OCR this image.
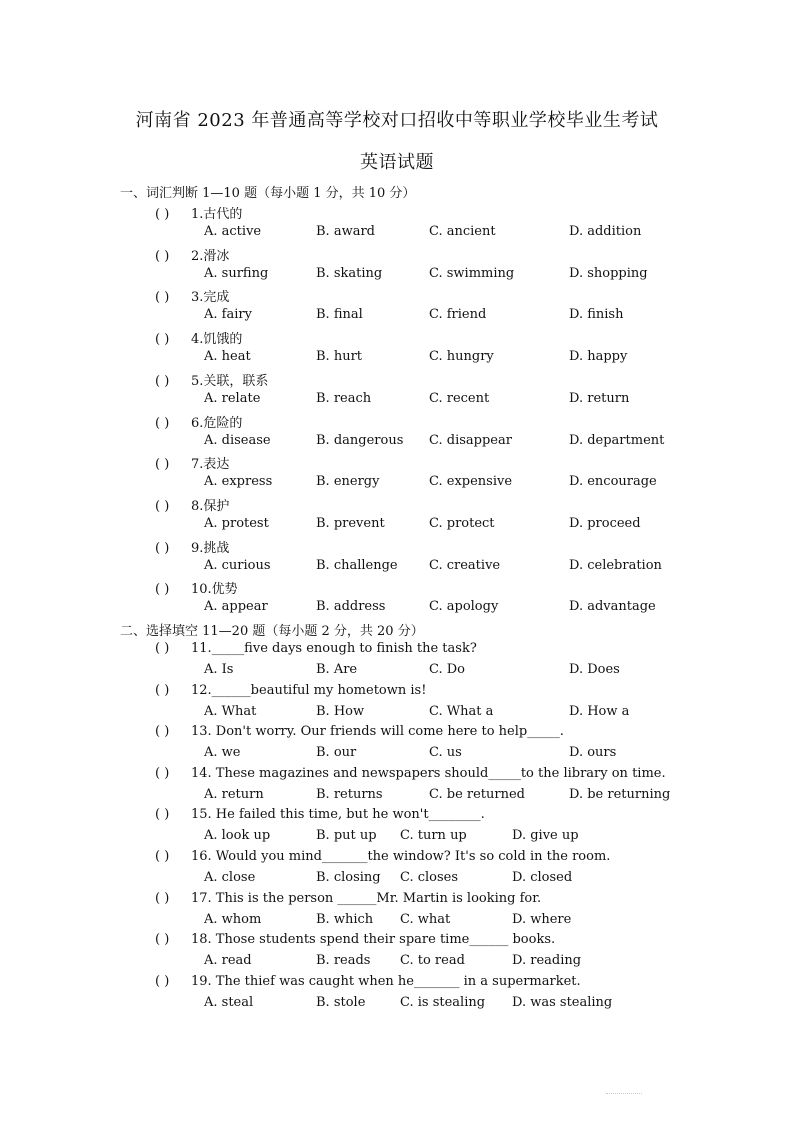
河南省 2023 年普通高等学校对口招收中等职业学校毕业生考试
英语试题
一、词汇判断 1—10 题（每小题 1 分，共 10 分）
二、选择填空 11—20 题（每小题 2 分，共 20 分）
( ) 1.古代的
A. active	B. award	C. ancient	D. addition
( ) 2.滑冰
A. surfing	B. skating	C. swimming	D. shopping
( ) 3.完成
A. fairy	B. final	C. friend	D. finish
( ) 4.饥饿的
A. heat	B. hurt	C. hungry	D. happy
( ) 5.关联，联系
A. relate	B. reach	C. recent	D. return
( ) 6.危险的
A. disease	B. dangerous C. disappear	D. department
( ) 7.表达
A. express	B. energy	C. expensive	D. encourage
( ) 8.保护
A. protest	B. prevent	C. protect	D. proceed
( ) 9.挑战
A. curious	B. challenge C. creative	D. celebration
( ) 10.优势
A. appear	B. address	C. apology	D. advantage
( ) 11._____five days enough to finish the task?
A. Is	B. Are	C. Do	D. Does
( ) 12.______beautiful my hometown is!
A. What	B. How	C. What a	D. How a
( ) 13. Don't worry. Our friends will come here to help_____.
A. we	B. our	C. us	D. ours
( ) 14. These magazines and newspapers should_____to the library on time.
A. return	B. returns	C. be returned	D. be returning
( ) 15. He failed this time, but he won't________.
A. look up	B. put up C. turn up	D. give up
( ) 16. Would you mind_______the window? It's so cold in the room.
A. close	B. closing C. closes	D. closed
( ) 17. This is the person ______Mr. Martin is looking for.
A. whom	B. which C. what	D. where
( ) 18. Those students spend their spare time______ books.
A. read	B. reads C. to read	D. reading
( ) 19. The thief was caught when he_______ in a supermarket.
A. steal	B. stole	C. is stealing D. was stealing
